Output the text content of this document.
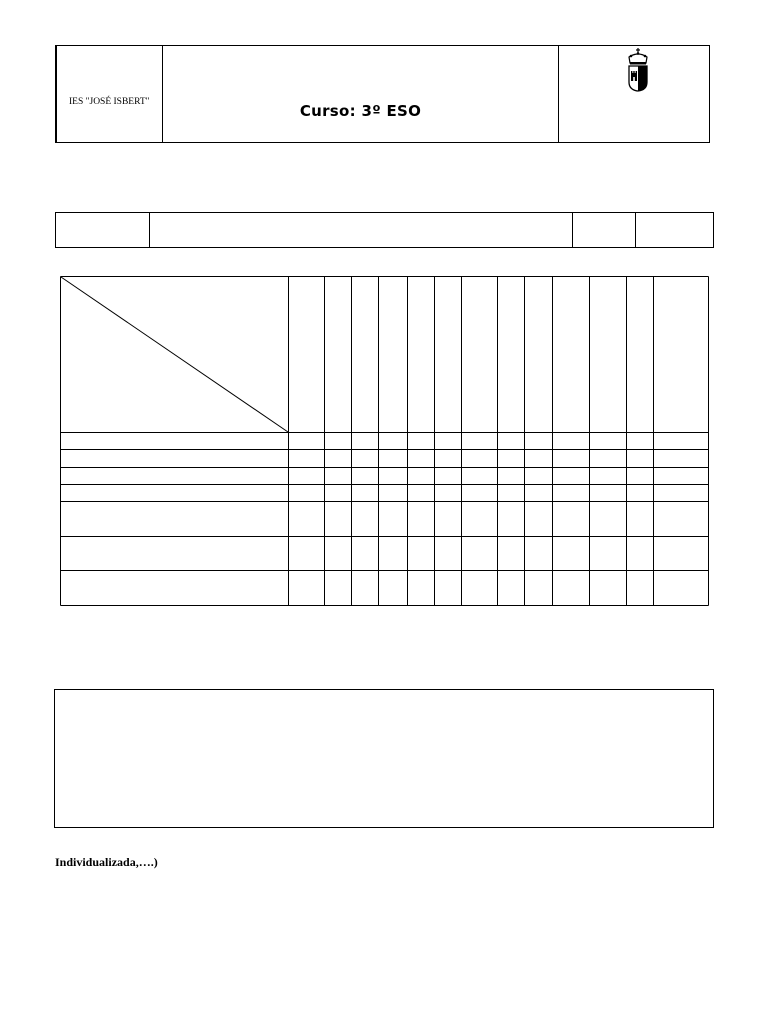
IES "JOSÉ ISBERT"	Curso: 3º ESO
Individualizada,….)
